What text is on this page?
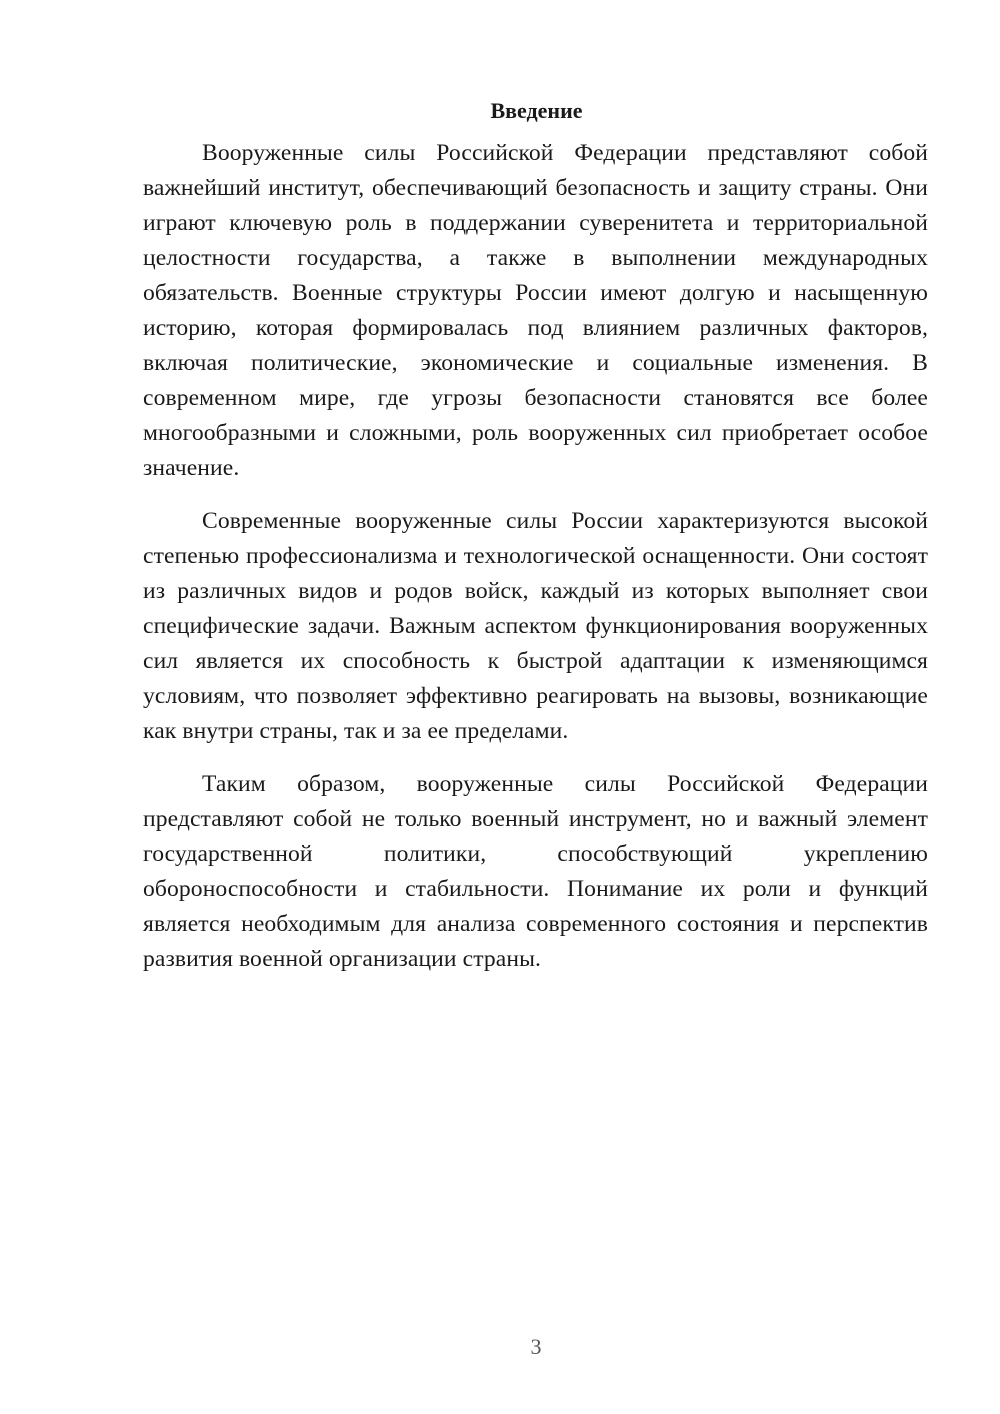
Введение

Вооруженные силы Российской Федерации представляют собой важнейший институт, обеспечивающий безопасность и защиту страны. Они играют ключевую роль в поддержании суверенитета и территориальной целостности государства, а также в выполнении международных обязательств. Военные структуры России имеют долгую и насыщенную историю, которая формировалась под влиянием различных факторов, включая политические, экономические и социальные изменения. В современном мире, где угрозы безопасности становятся все более многообразными и сложными, роль вооруженных сил приобретает особое значение.

Современные вооруженные силы России характеризуются высокой степенью профессионализма и технологической оснащенности. Они состоят из различных видов и родов войск, каждый из которых выполняет свои специфические задачи. Важным аспектом функционирования вооруженных сил является их способность к быстрой адаптации к изменяющимся условиям, что позволяет эффективно реагировать на вызовы, возникающие как внутри страны, так и за ее пределами.

Таким образом, вооруженные силы Российской Федерации представляют собой не только военный инструмент, но и важный элемент государственной политики, способствующий укреплению обороноспособности и стабильности. Понимание их роли и функций является необходимым для анализа современного состояния и перспектив развития военной организации страны.

3
